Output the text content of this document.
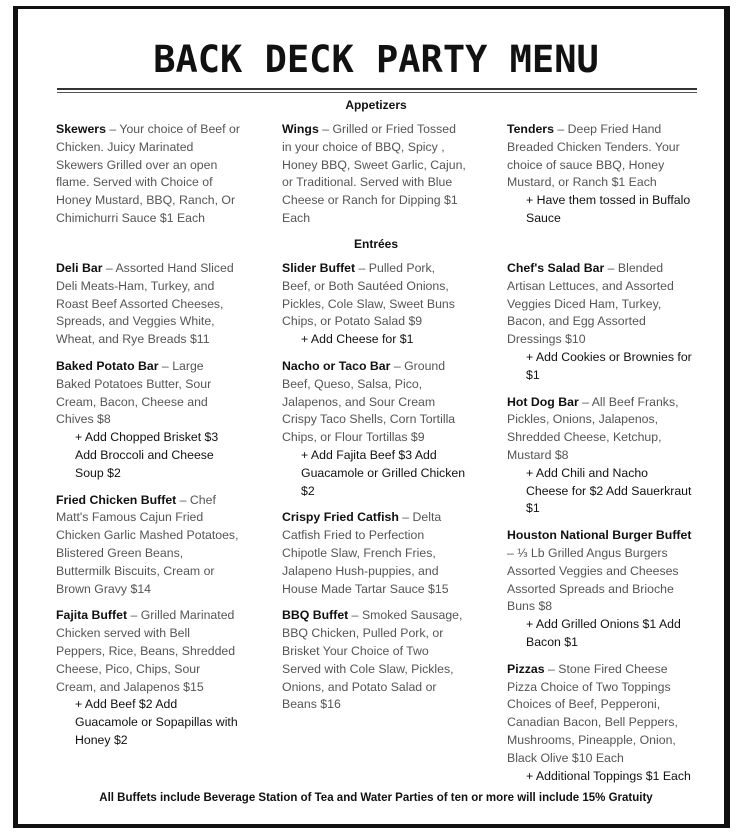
BACK DECK PARTY MENU
Appetizers

Skewers – Your choice of Beef or Chicken. Juicy Marinated Skewers Grilled over an open flame. Served with Choice of Honey Mustard, BBQ, Ranch, Or Chimichurri Sauce $1 Each

Wings – Grilled or Fried Tossed in your choice of BBQ, Spicy , Honey BBQ, Sweet Garlic, Cajun, or Traditional. Served with Blue Cheese or Ranch for Dipping $1 Each

Tenders – Deep Fried Hand Breaded Chicken Tenders. Your choice of sauce BBQ, Honey Mustard, or Ranch $1 Each

+ Have them tossed in Buffalo Sauce

Entrées

Deli Bar – Assorted Hand Sliced Deli Meats-Ham, Turkey, and Roast Beef Assorted Cheeses, Spreads, and Veggies White, Wheat, and Rye Breads $11

Baked Potato Bar – Large Baked Potatoes Butter, Sour Cream, Bacon, Cheese and Chives $8

+ Add Chopped Brisket $3 Add Broccoli and Cheese Soup $2

Fried Chicken Buffet – Chef Matt's Famous Cajun Fried Chicken Garlic Mashed Potatoes, Blistered Green Beans, Buttermilk Biscuits, Cream or Brown Gravy $14

Fajita Buffet – Grilled Marinated Chicken served with Bell Peppers, Rice, Beans, Shredded Cheese, Pico, Chips, Sour Cream, and Jalapenos $15

+ Add Beef $2 Add Guacamole or Sopapillas with Honey $2

Slider Buffet – Pulled Pork, Beef, or Both Sautéed Onions, Pickles, Cole Slaw, Sweet Buns Chips, or Potato Salad $9

+ Add Cheese for $1

Nacho or Taco Bar – Ground Beef, Queso, Salsa, Pico, Jalapenos, and Sour Cream Crispy Taco Shells, Corn Tortilla Chips, or Flour Tortillas $9

+ Add Fajita Beef $3 Add Guacamole or Grilled Chicken $2

Crispy Fried Catfish – Delta Catfish Fried to Perfection Chipotle Slaw, French Fries, Jalapeno Hush-puppies, and House Made Tartar Sauce $15

BBQ Buffet – Smoked Sausage, BBQ Chicken, Pulled Pork, or Brisket Your Choice of Two Served with Cole Slaw, Pickles, Onions, and Potato Salad or Beans $16

Chef's Salad Bar – Blended Artisan Lettuces, and Assorted Veggies Diced Ham, Turkey, Bacon, and Egg Assorted Dressings $10

+ Add Cookies or Brownies for $1

Hot Dog Bar – All Beef Franks, Pickles, Onions, Jalapenos, Shredded Cheese, Ketchup, Mustard $8

+ Add Chili and Nacho Cheese for $2 Add Sauerkraut $1

Houston National Burger Buffet – ⅓ Lb Grilled Angus Burgers Assorted Veggies and Cheeses Assorted Spreads and Brioche Buns $8

+ Add Grilled Onions $1 Add Bacon $1

Pizzas – Stone Fired Cheese Pizza Choice of Two Toppings Choices of Beef, Pepperoni, Canadian Bacon, Bell Peppers, Mushrooms, Pineapple, Onion, Black Olive $10 Each

+ Additional Toppings $1 Each

All Buffets include Beverage Station of Tea and Water Parties of ten or more will include 15% Gratuity
